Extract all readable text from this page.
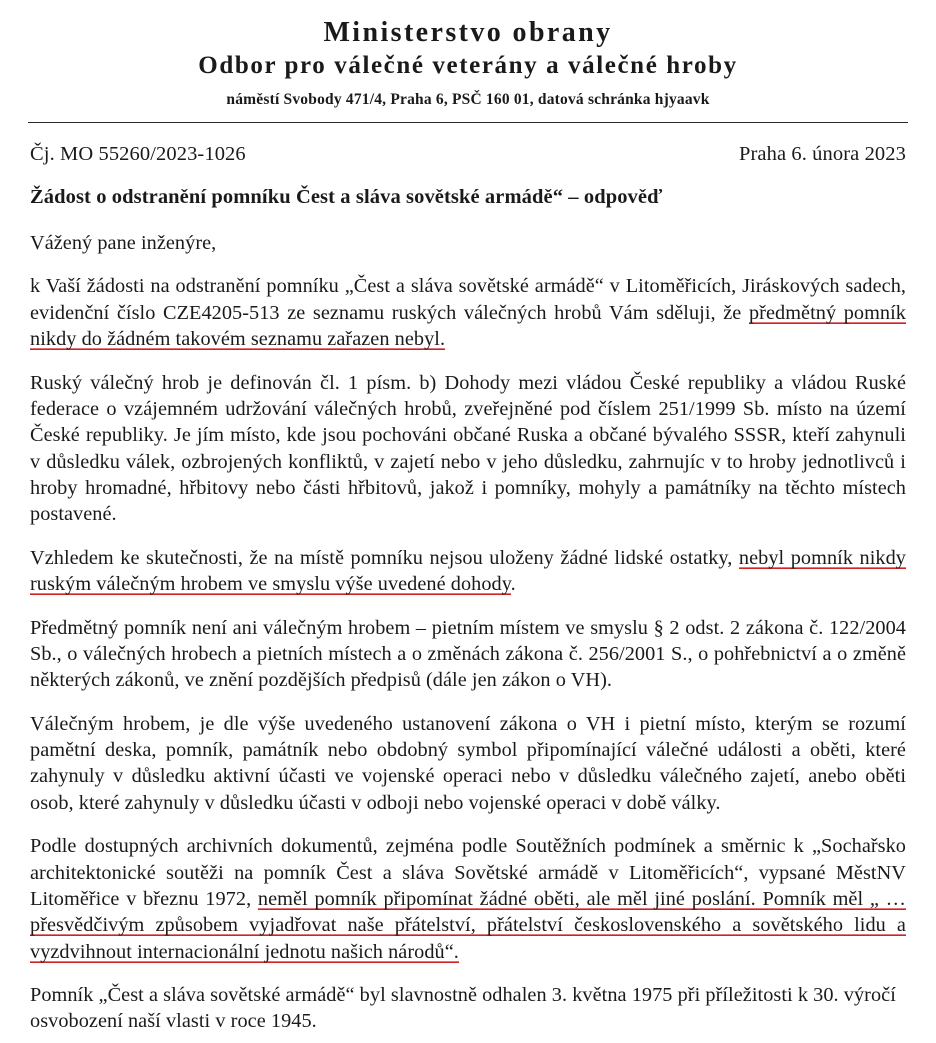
Ministerstvo obrany
Odbor pro válečné veterány a válečné hroby
náměstí Svobody 471/4, Praha 6, PSČ 160 01, datová schránka hjyaavk
Čj. MO 55260/2023-1026	Praha 6. února 2023
Žádost o odstranění pomníku Čest a sláva sovětské armádě“ – odpověď

Vážený pane inženýre,

k Vaší žádosti na odstranění pomníku „Čest a sláva sovětské armádě“ v Litoměřicích, Jiráskových sadech, evidenční číslo CZE4205-513 ze seznamu ruských válečných hrobů Vám sděluji, že předmětný pomník nikdy do žádném takovém seznamu zařazen nebyl.

Ruský válečný hrob je definován čl. 1 písm. b) Dohody mezi vládou České republiky a vládou Ruské federace o vzájemném udržování válečných hrobů, zveřejněné pod číslem 251/1999 Sb. místo na území České republiky. Je jím místo, kde jsou pochováni občané Ruska a občané bývalého SSSR, kteří zahynuli v důsledku válek, ozbrojených konfliktů, v zajetí nebo v jeho důsledku, zahrnujíc v to hroby jednotlivců i hroby hromadné, hřbitovy nebo části hřbitovů, jakož i pomníky, mohyly a památníky na těchto místech postavené.

Vzhledem ke skutečnosti, že na místě pomníku nejsou uloženy žádné lidské ostatky, nebyl pomník nikdy ruským válečným hrobem ve smyslu výše uvedené dohody.

Předmětný pomník není ani válečným hrobem – pietním místem ve smyslu § 2 odst. 2 zákona č. 122/2004 Sb., o válečných hrobech a pietních místech a o změnách zákona č. 256/2001 S., o pohřebnictví a o změně některých zákonů, ve znění pozdějších předpisů (dále jen zákon o VH).

Válečným hrobem, je dle výše uvedeného ustanovení zákona o VH i pietní místo, kterým se rozumí pamětní deska, pomník, památník nebo obdobný symbol připomínající válečné události a oběti, které zahynuly v důsledku aktivní účasti ve vojenské operaci nebo v důsledku válečného zajetí, anebo oběti osob, které zahynuly v důsledku účasti v odboji nebo vojenské operaci v době války.

Podle dostupných archivních dokumentů, zejména podle Soutěžních podmínek a směrnic k „Sochařsko architektonické soutěži na pomník Čest a sláva Sovětské armádě v Litoměřicích“, vypsané MěstNV Litoměřice v březnu 1972, neměl pomník připomínat žádné oběti, ale měl jiné poslání. Pomník měl „ …přesvědčivým způsobem vyjadřovat naše přátelství, přátelství československého a sovětského lidu a vyzdvihnout internacionální jednotu našich národů“.

Pomník „Čest a sláva sovětské armádě“ byl slavnostně odhalen 3. května 1975 při příležitosti k 30. výročí osvobození naší vlasti v roce 1945.
